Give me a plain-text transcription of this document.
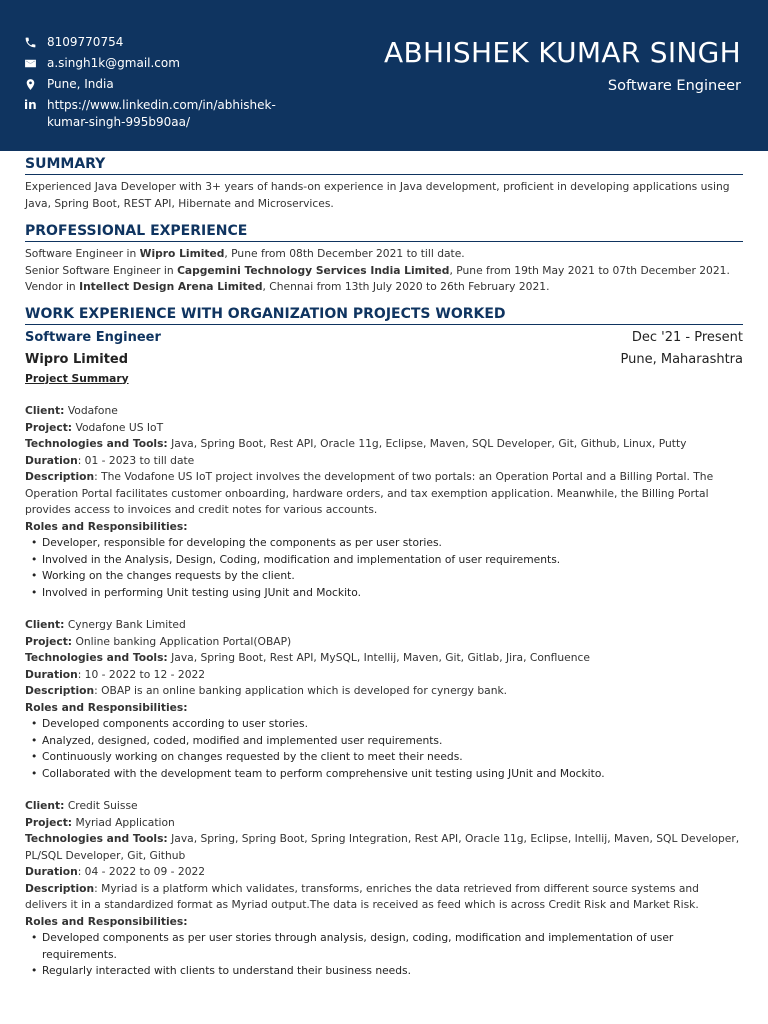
8109770754
a.singh1k@gmail.com
Pune, India
in https://www.linkedin.com/in/abhishek-kumar-singh-995b90aa/
ABHISHEK KUMAR SINGH
Software Engineer
SUMMARY
Experienced Java Developer with 3+ years of hands-on experience in Java development, proficient in developing applications using Java, Spring Boot, REST API, Hibernate and Microservices.
PROFESSIONAL EXPERIENCE
Software Engineer in Wipro Limited, Pune from 08th December 2021 to till date.
Senior Software Engineer in Capgemini Technology Services India Limited, Pune from 19th May 2021 to 07th December 2021.
Vendor in Intellect Design Arena Limited, Chennai from 13th July 2020 to 26th February 2021.
WORK EXPERIENCE WITH ORGANIZATION PROJECTS WORKED
Software Engineer	Dec '21 - Present
Wipro Limited	Pune, Maharashtra
Project Summary
Client: Vodafone
Project: Vodafone US IoT
Technologies and Tools: Java, Spring Boot, Rest API, Oracle 11g, Eclipse, Maven, SQL Developer, Git, Github, Linux, Putty
Duration: 01 - 2023 to till date
Description: The Vodafone US IoT project involves the development of two portals: an Operation Portal and a Billing Portal. The Operation Portal facilitates customer onboarding, hardware orders, and tax exemption application. Meanwhile, the Billing Portal provides access to invoices and credit notes for various accounts.
Roles and Responsibilities:
• Developer, responsible for developing the components as per user stories.
• Involved in the Analysis, Design, Coding, modification and implementation of user requirements.
• Working on the changes requests by the client.
• Involved in performing Unit testing using JUnit and Mockito.
Client: Cynergy Bank Limited
Project: Online banking Application Portal(OBAP)
Technologies and Tools: Java, Spring Boot, Rest API, MySQL, Intellij, Maven, Git, Gitlab, Jira, Confluence
Duration: 10 - 2022 to 12 - 2022
Description: OBAP is an online banking application which is developed for cynergy bank.
Roles and Responsibilities:
• Developed components according to user stories.
• Analyzed, designed, coded, modified and implemented user requirements.
• Continuously working on changes requested by the client to meet their needs.
• Collaborated with the development team to perform comprehensive unit testing using JUnit and Mockito.
Client: Credit Suisse
Project: Myriad Application
Technologies and Tools: Java, Spring, Spring Boot, Spring Integration, Rest API, Oracle 11g, Eclipse, Intellij, Maven, SQL Developer, PL/SQL Developer, Git, Github
Duration: 04 - 2022 to 09 - 2022
Description: Myriad is a platform which validates, transforms, enriches the data retrieved from different source systems and delivers it in a standardized format as Myriad output.The data is received as feed which is across Credit Risk and Market Risk.
Roles and Responsibilities:
• Developed components as per user stories through analysis, design, coding, modification and implementation of user requirements.
• Regularly interacted with clients to understand their business needs.
